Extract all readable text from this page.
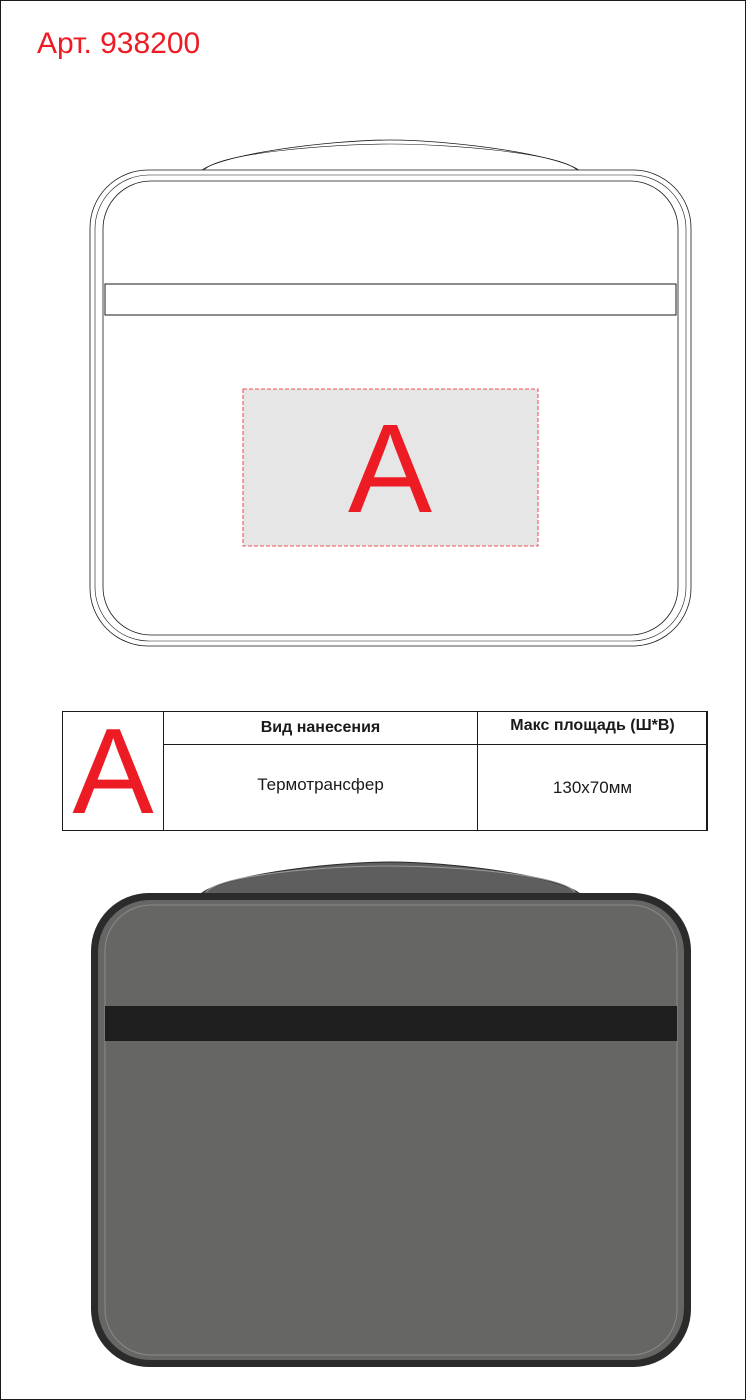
Арт. 938200
A
A	Вид нанесения	Макс площадь (Ш*В)
Термотрансфер	130x70мм
